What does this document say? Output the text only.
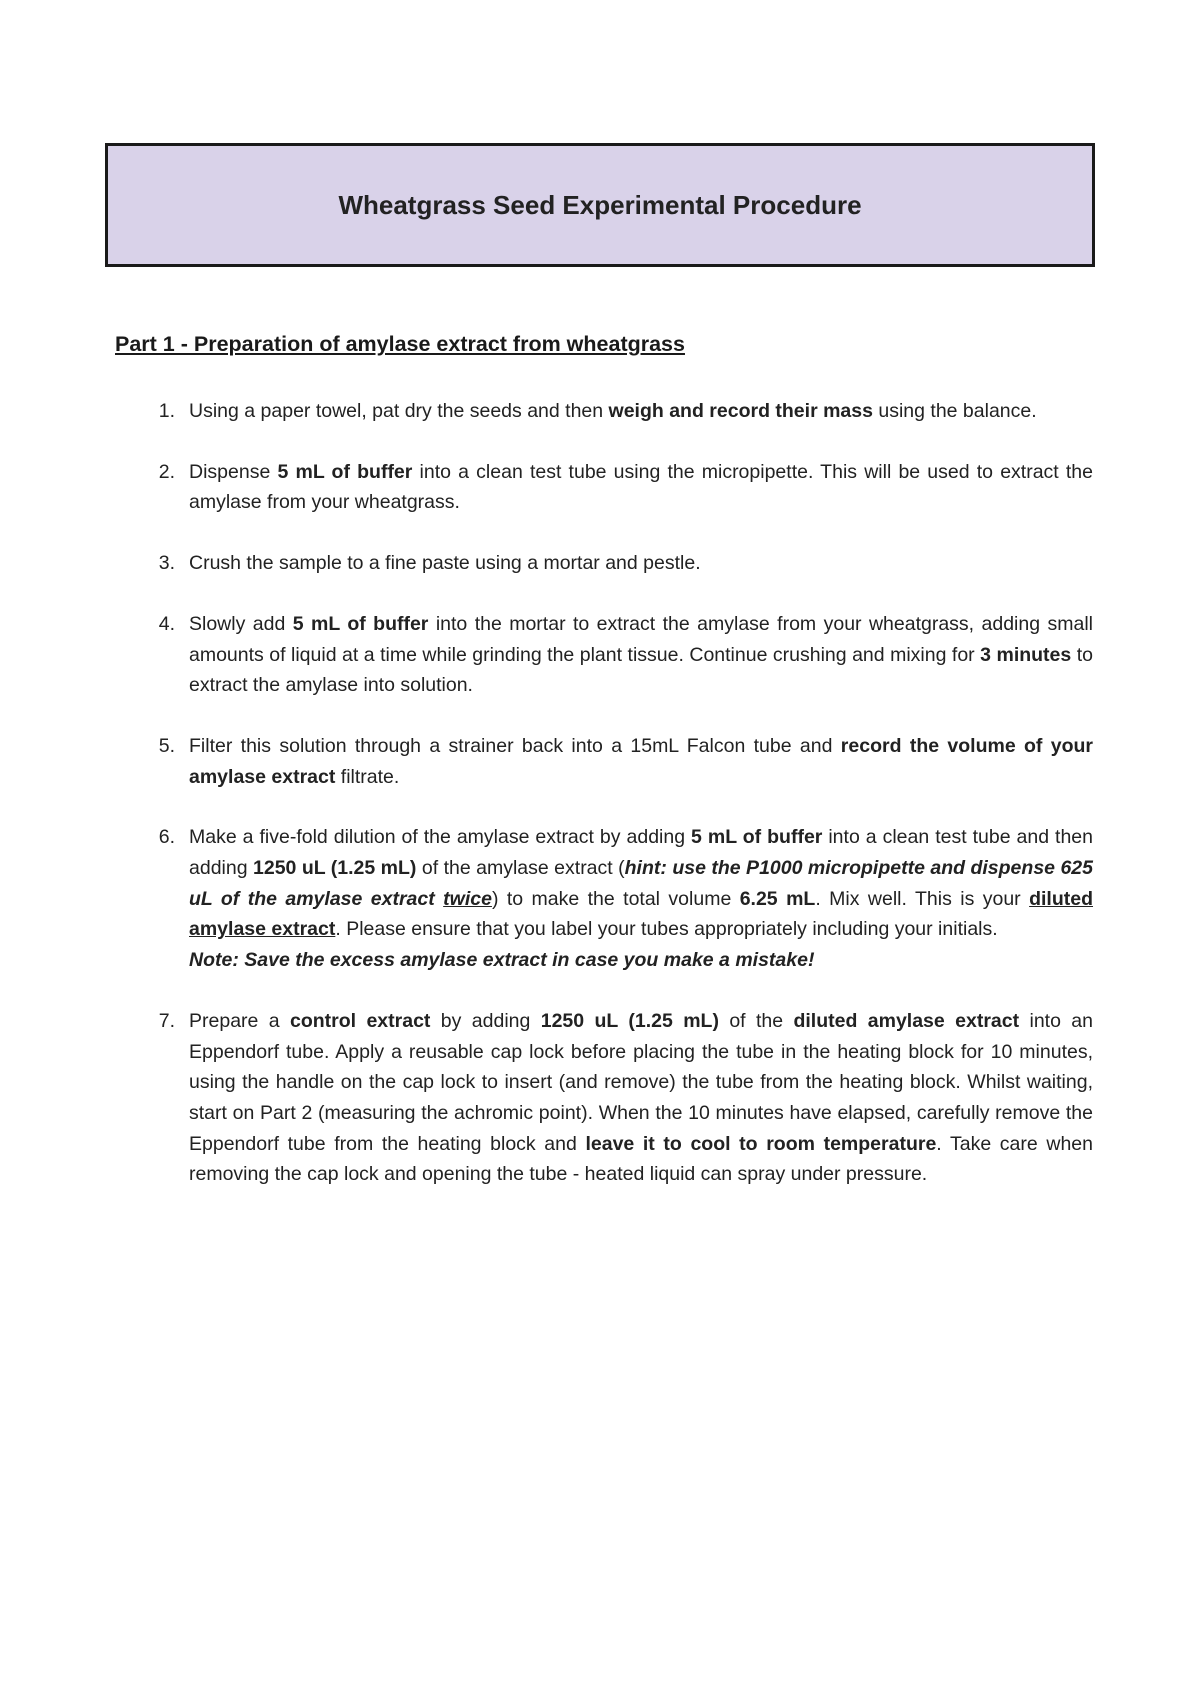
Wheatgrass Seed Experimental Procedure
Part 1 - Preparation of amylase extract from wheatgrass
1. Using a paper towel, pat dry the seeds and then weigh and record their mass using the balance.
2. Dispense 5 mL of buffer into a clean test tube using the micropipette. This will be used to extract the amylase from your wheatgrass.
3. Crush the sample to a fine paste using a mortar and pestle.
4. Slowly add 5 mL of buffer into the mortar to extract the amylase from your wheatgrass, adding small amounts of liquid at a time while grinding the plant tissue. Continue crushing and mixing for 3 minutes to extract the amylase into solution.
5. Filter this solution through a strainer back into a 15mL Falcon tube and record the volume of your amylase extract filtrate.
6. Make a five-fold dilution of the amylase extract by adding 5 mL of buffer into a clean test tube and then adding 1250 uL (1.25 mL) of the amylase extract (hint: use the P1000 micropipette and dispense 625 uL of the amylase extract twice) to make the total volume 6.25 mL. Mix well. This is your diluted amylase extract. Please ensure that you label your tubes appropriately including your initials.
Note: Save the excess amylase extract in case you make a mistake!
7. Prepare a control extract by adding 1250 uL (1.25 mL) of the diluted amylase extract into an Eppendorf tube. Apply a reusable cap lock before placing the tube in the heating block for 10 minutes, using the handle on the cap lock to insert (and remove) the tube from the heating block. Whilst waiting, start on Part 2 (measuring the achromic point). When the 10 minutes have elapsed, carefully remove the Eppendorf tube from the heating block and leave it to cool to room temperature. Take care when removing the cap lock and opening the tube - heated liquid can spray under pressure.
